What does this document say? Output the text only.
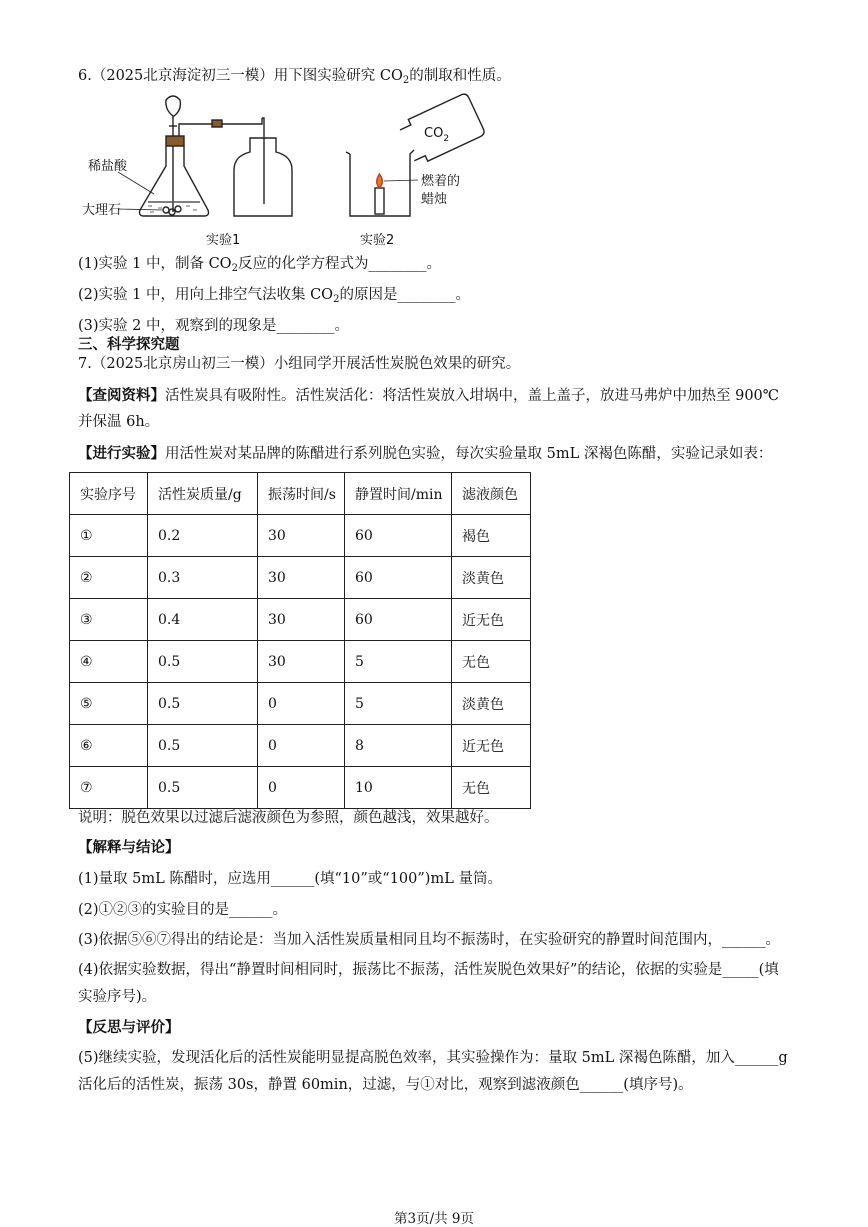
6.（2025北京海淀初三一模）用下图实验研究 $CO_2$的制取和性质。
稀盐酸
大理石
实验1
$CO_2$
燃着的
蜡烛
实验2
(1)实验 1 中，制备 $CO_2$反应的化学方程式为________。
(2)实验 1 中，用向上排空气法收集 $CO_2$的原因是________。
(3)实验 2 中，观察到的现象是________。
三、科学探究题
7.（2025北京房山初三一模）小组同学开展活性炭脱色效果的研究。
【查阅资料】活性炭具有吸附性。活性炭活化：将活性炭放入坩埚中，盖上盖子，放进马弗炉中加热至 900℃
并保温 6h。
【进行实验】用活性炭对某品牌的陈醋进行系列脱色实验，每次实验量取 5mL 深褐色陈醋，实验记录如表：
实验序号	活性炭质量/g	振荡时间/s	静置时间/min	滤液颜色
①	0.2	30	60	褐色
②	0.3	30	60	淡黄色
③	0.4	30	60	近无色
④	0.5	30	5	无色
⑤	0.5	0	5	淡黄色
⑥	0.5	0	8	近无色
⑦	0.5	0	10	无色
说明：脱色效果以过滤后滤液颜色为参照，颜色越浅，效果越好。
【解释与结论】
(1)量取 5mL 陈醋时，应选用______(填“10”或“100”)mL 量筒。
(2)①②③的实验目的是______。
(3)依据⑤⑥⑦得出的结论是：当加入活性炭质量相同且均不振荡时，在实验研究的静置时间范围内，______。
(4)依据实验数据，得出“静置时间相同时，振荡比不振荡，活性炭脱色效果好”的结论，依据的实验是_____(填
实验序号)。
【反思与评价】
(5)继续实验，发现活化后的活性炭能明显提高脱色效率，其实验操作为：量取 5mL 深褐色陈醋，加入______g
活化后的活性炭，振荡 30s，静置 60min，过滤，与①对比，观察到滤液颜色______(填序号)。
第3页/共 9页
